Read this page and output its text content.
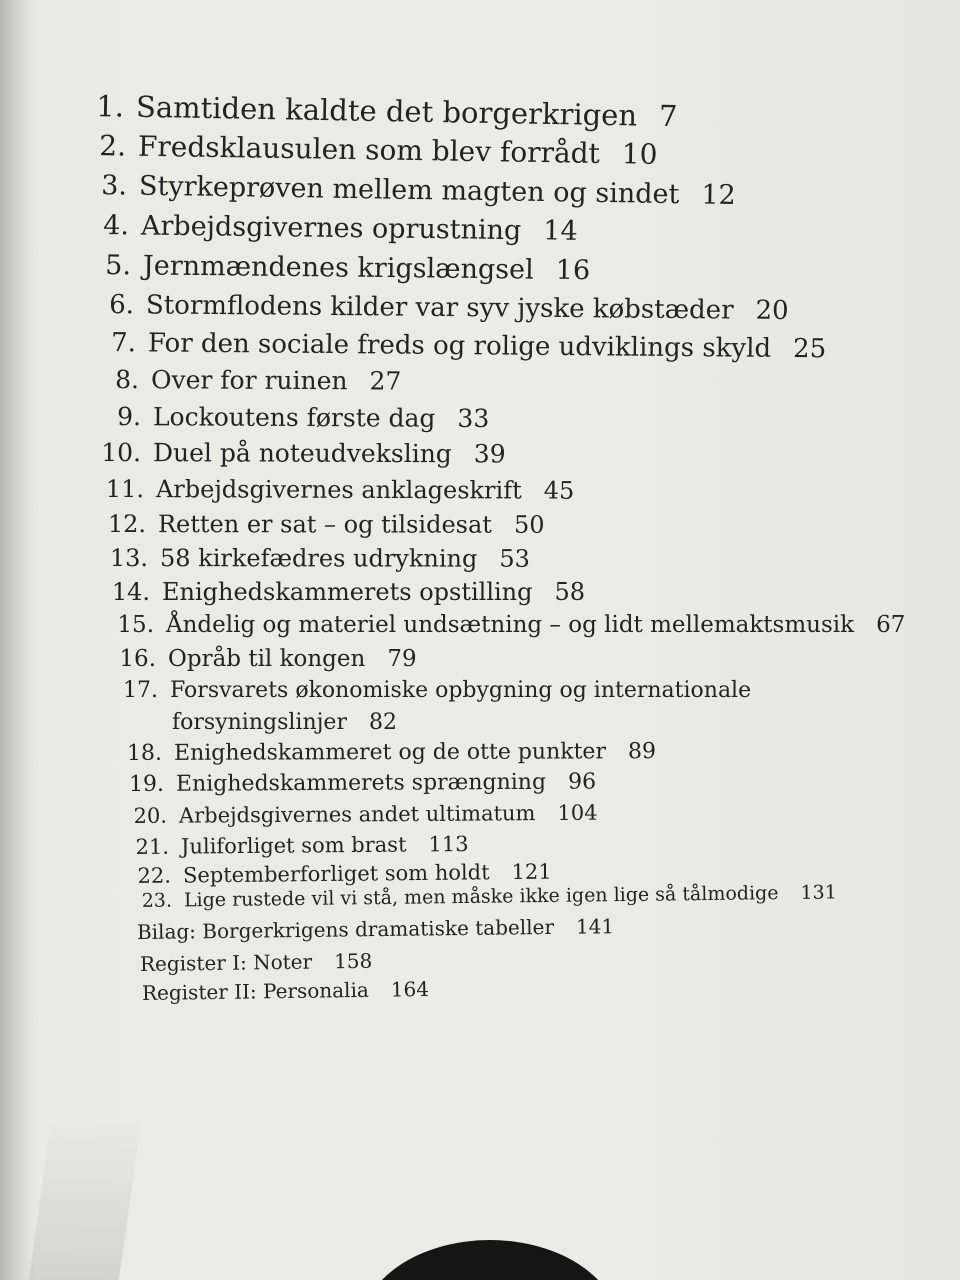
1. Samtiden kaldte det borgerkrigen 7
2. Fredsklausulen som blev forrådt 10
3. Styrkeprøven mellem magten og sindet 12
4. Arbejdsgivernes oprustning 14
5. Jernmændenes krigslængsel 16
6. Stormflodens kilder var syv jyske købstæder 20
7. For den sociale freds og rolige udviklings skyld 25
8. Over for ruinen 27
9. Lockoutens første dag 33
10. Duel på noteudveksling 39
11. Arbejdsgivernes anklageskrift 45
12. Retten er sat – og tilsidesat 50
13. 58 kirkefædres udrykning 53
14. Enighedskammerets opstilling 58
15. Åndelig og materiel undsætning – og lidt mellemaktsmusik 67
16. Opråb til kongen 79
17. Forsvarets økonomiske opbygning og internationale
forsyningslinjer 82
18. Enighedskammeret og de otte punkter 89
19. Enighedskammerets sprængning 96
20. Arbejdsgivernes andet ultimatum 104
21. Juliforliget som brast 113
22. Septemberforliget som holdt 121
23. Lige rustede vil vi stå, men måske ikke igen lige så tålmodige 131
Bilag: Borgerkrigens dramatiske tabeller 141
Register I: Noter 158
Register II: Personalia 164
